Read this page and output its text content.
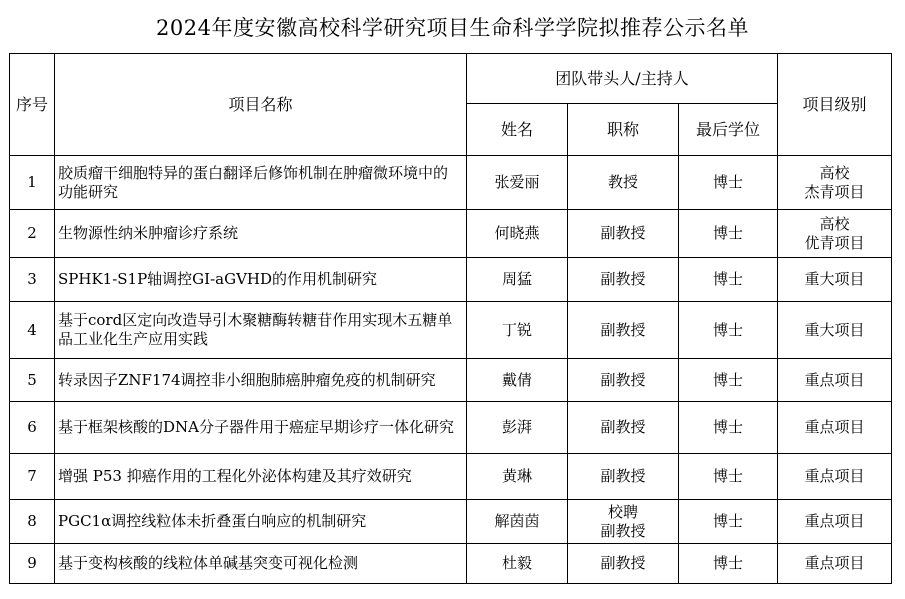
2024年度安徽高校科学研究项目生命科学学院拟推荐公示名单
序号	项目名称	团队带头人/主持人			项目级别
		姓名	职称	最后学位	
1	胶质瘤干细胞特异的蛋白翻译后修饰机制在肿瘤微环境中的功能研究	张爱丽	教授	博士	高校
杰青项目

2	生物源性纳米肿瘤诊疗系统	何晓燕	副教授	博士	高校
优青项目

3	SPHK1-S1P轴调控GI-aGVHD的作用机制研究	周猛	副教授	博士	重大项目

4	基于cord区定向改造导引木聚糖酶转糖苷作用实现木五糖单品工业化生产应用实践	丁锐	副教授	博士	重大项目

5	转录因子ZNF174调控非小细胞肺癌肿瘤免疫的机制研究	戴倩	副教授	博士	重点项目

6	基于框架核酸的DNA分子器件用于癌症早期诊疗一体化研究	彭湃	副教授	博士	重点项目

7	增强 P53 抑癌作用的工程化外泌体构建及其疗效研究	黄琳	副教授	博士	重点项目

8	PGC1α调控线粒体未折叠蛋白响应的机制研究	解茵茵	校聘
副教授	博士	重点项目

9	基于变构核酸的线粒体单碱基突变可视化检测	杜毅	副教授	博士	重点项目
